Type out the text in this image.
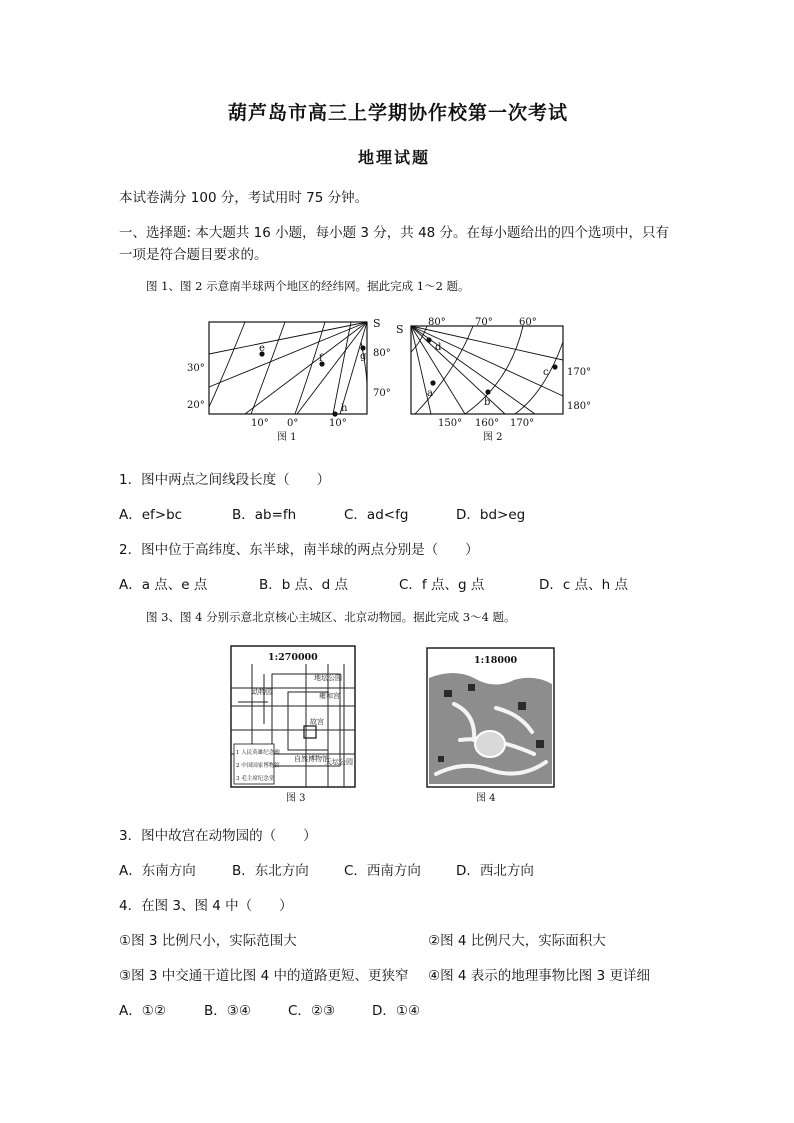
葫芦岛市高三上学期协作校第一次考试
地理试题
本试卷满分 100 分，考试用时 75 分钟。
一、选择题: 本大题共 16 小题，每小题 3 分，共 48 分。在每小题给出的四个选项中，只有
一项是符合题目要求的。
图 1、图 2 示意南半球两个地区的经纬网。据此完成 1～2 题。
e
f	g
h
S
80°
70°
30°
20°
10° 0°	10°
图 1
S
80°	70°	60°
d
a
b
c 170°
180°
150° 160° 170°
图 2
1．图中两点之间线段长度（　　）
A．ef>bc	B．ab=fh	C．ad<fg	D．bd>eg
2．图中位于高纬度、东半球，南半球的两点分别是（　　）
A．a 点、e 点	B．b 点、d 点	C．f 点、g 点	D．c 点、h 点
图 3、图 4 分别示意北京核心主城区、北京动物园。据此完成 3～4 题。
1:270000
地坛公园
雍和宫
动物园
故宫
天坛公园
自然博物馆
1 人民英雄纪念碑
2 中国国家博物馆
3 毛主席纪念堂
图 3
1:18000
图 4
3．图中故宫在动物园的（　　）
A．东南方向	B．东北方向	C．西南方向	D．西北方向
4．在图 3、图 4 中（　　）
①图 3 比例尺小，实际范围大	②图 4 比例尺大，实际面积大
③图 3 中交通干道比图 4 中的道路更短、更狭窄 ④图 4 表示的地理事物比图 3 更详细
A．①②	B．③④	C．②③	D．①④
